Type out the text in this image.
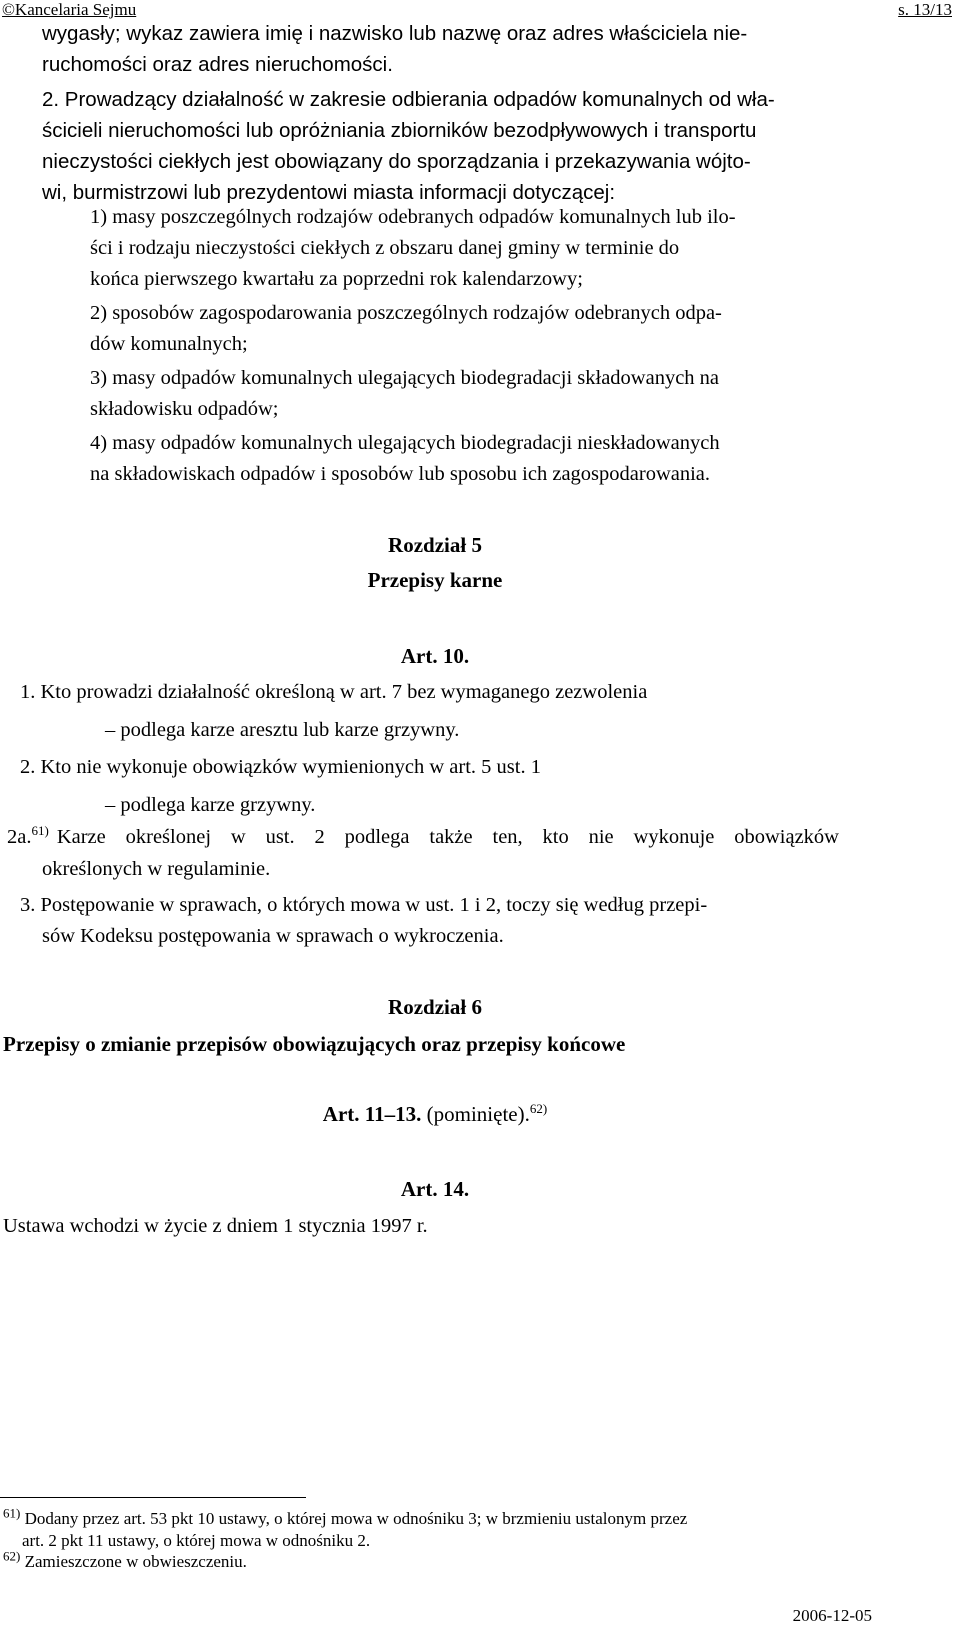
©Kancelaria Sejmu	s. 13/13
wygasły; wykaz zawiera imię i nazwisko lub nazwę oraz adres właściciela nie-
ruchomości oraz adres nieruchomości.
2. Prowadzący działalność w zakresie odbierania odpadów komunalnych od wła-
ścicieli nieruchomości lub opróżniania zbiorników bezodpływowych i transportu
nieczystości ciekłych jest obowiązany do sporządzania i przekazywania wójto-
wi, burmistrzowi lub prezydentowi miasta informacji dotyczącej:
1) masy poszczególnych rodzajów odebranych odpadów komunalnych lub ilo-
ści i rodzaju nieczystości ciekłych z obszaru danej gminy w terminie do
końca pierwszego kwartału za poprzedni rok kalendarzowy;
2) sposobów zagospodarowania poszczególnych rodzajów odebranych odpa-
dów komunalnych;
3) masy odpadów komunalnych ulegających biodegradacji składowanych na
składowisku odpadów;
4) masy odpadów komunalnych ulegających biodegradacji nieskładowanych
na składowiskach odpadów i sposobów lub sposobu ich zagospodarowania.
Rozdział 5
Przepisy karne
Art. 10.
1. Kto prowadzi działalność określoną w art. 7 bez wymaganego zezwolenia
– podlega karze aresztu lub karze grzywny.
2. Kto nie wykonuje obowiązków wymienionych w art. 5 ust. 1
– podlega karze grzywny.
2a.$^{61)}$ Karze określonej w ust. 2 podlega także ten, kto nie wykonuje obowiązków
określonych w regulaminie.
3. Postępowanie w sprawach, o których mowa w ust. 1 i 2, toczy się według przepi-
sów Kodeksu postępowania w sprawach o wykroczenia.
Rozdział 6
Przepisy o zmianie przepisów obowiązujących oraz przepisy końcowe
Art. 11–13. (pominięte).$^{62)}$
Art. 14.
Ustawa wchodzi w życie z dniem 1 stycznia 1997 r.
$^{61)}$ Dodany przez art. 53 pkt 10 ustawy, o której mowa w odnośniku 3; w brzmieniu ustalonym przez
art. 2 pkt 11 ustawy, o której mowa w odnośniku 2.
$^{62)}$ Zamieszczone w obwieszczeniu.
2006-12-05
